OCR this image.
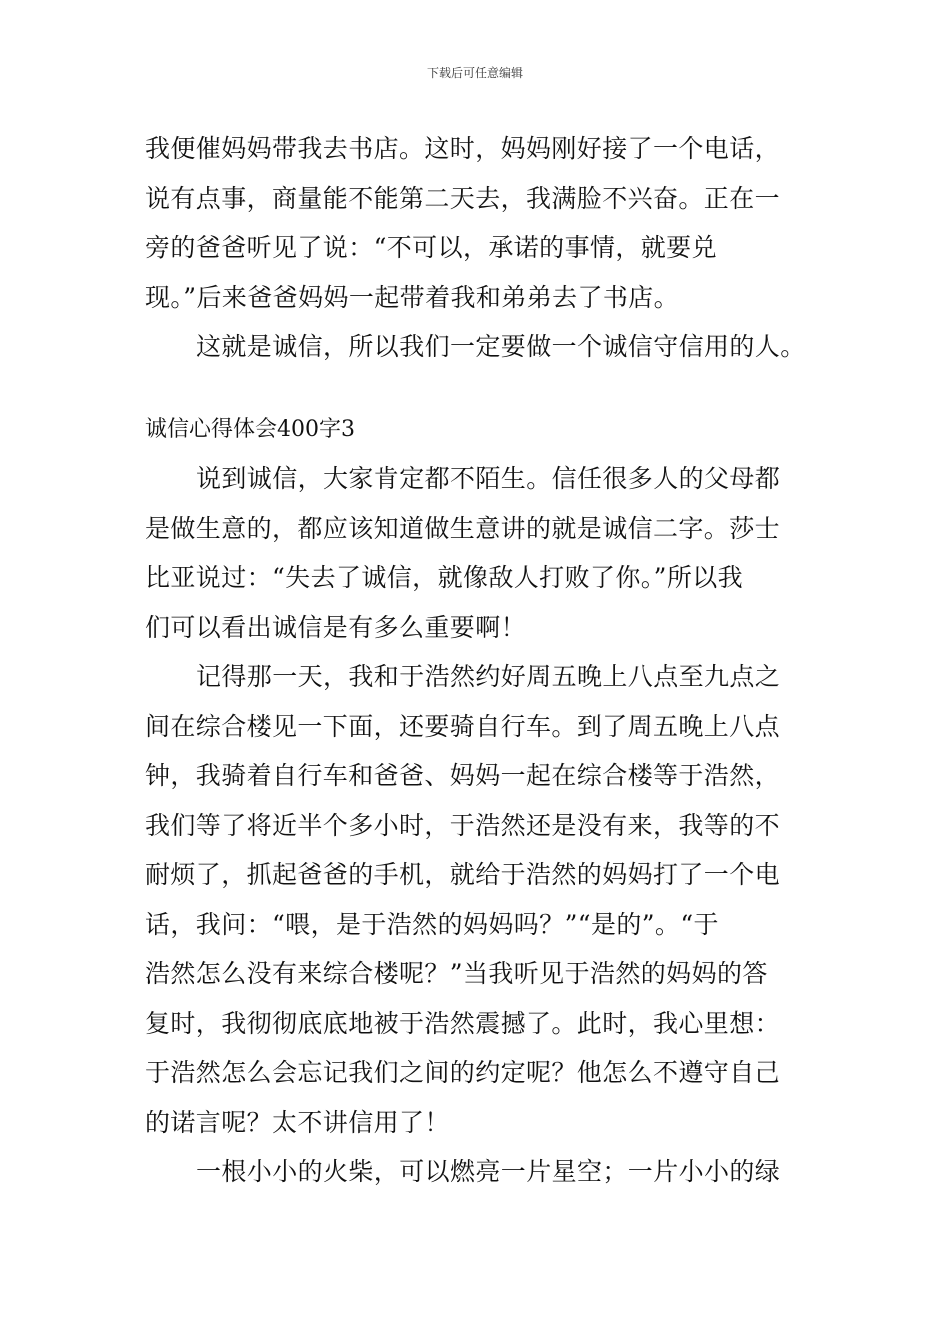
下载后可任意编辑
我便催妈妈带我去书店。这时，妈妈刚好接了一个电话，
说有点事，商量能不能第二天去，我满脸不兴奋。正在一
旁的爸爸听见了说：“不可以，承诺的事情，就要兑
现。”后来爸爸妈妈一起带着我和弟弟去了书店。
这就是诚信，所以我们一定要做一个诚信守信用的人。
诚信心得体会400字3
说到诚信，大家肯定都不陌生。信任很多人的父母都
是做生意的，都应该知道做生意讲的就是诚信二字。莎士
比亚说过：“失去了诚信，就像敌人打败了你。”所以我
们可以看出诚信是有多么重要啊！
记得那一天，我和于浩然约好周五晚上八点至九点之
间在综合楼见一下面，还要骑自行车。到了周五晚上八点
钟，我骑着自行车和爸爸、妈妈一起在综合楼等于浩然，
我们等了将近半个多小时，于浩然还是没有来，我等的不
耐烦了，抓起爸爸的手机，就给于浩然的妈妈打了一个电
话，我问：“喂，是于浩然的妈妈吗？”“是的”。“于
浩然怎么没有来综合楼呢？”当我听见于浩然的妈妈的答
复时，我彻彻底底地被于浩然震撼了。此时，我心里想：
于浩然怎么会忘记我们之间的约定呢？他怎么不遵守自己
的诺言呢？太不讲信用了！
一根小小的火柴，可以燃亮一片星空；一片小小的绿
